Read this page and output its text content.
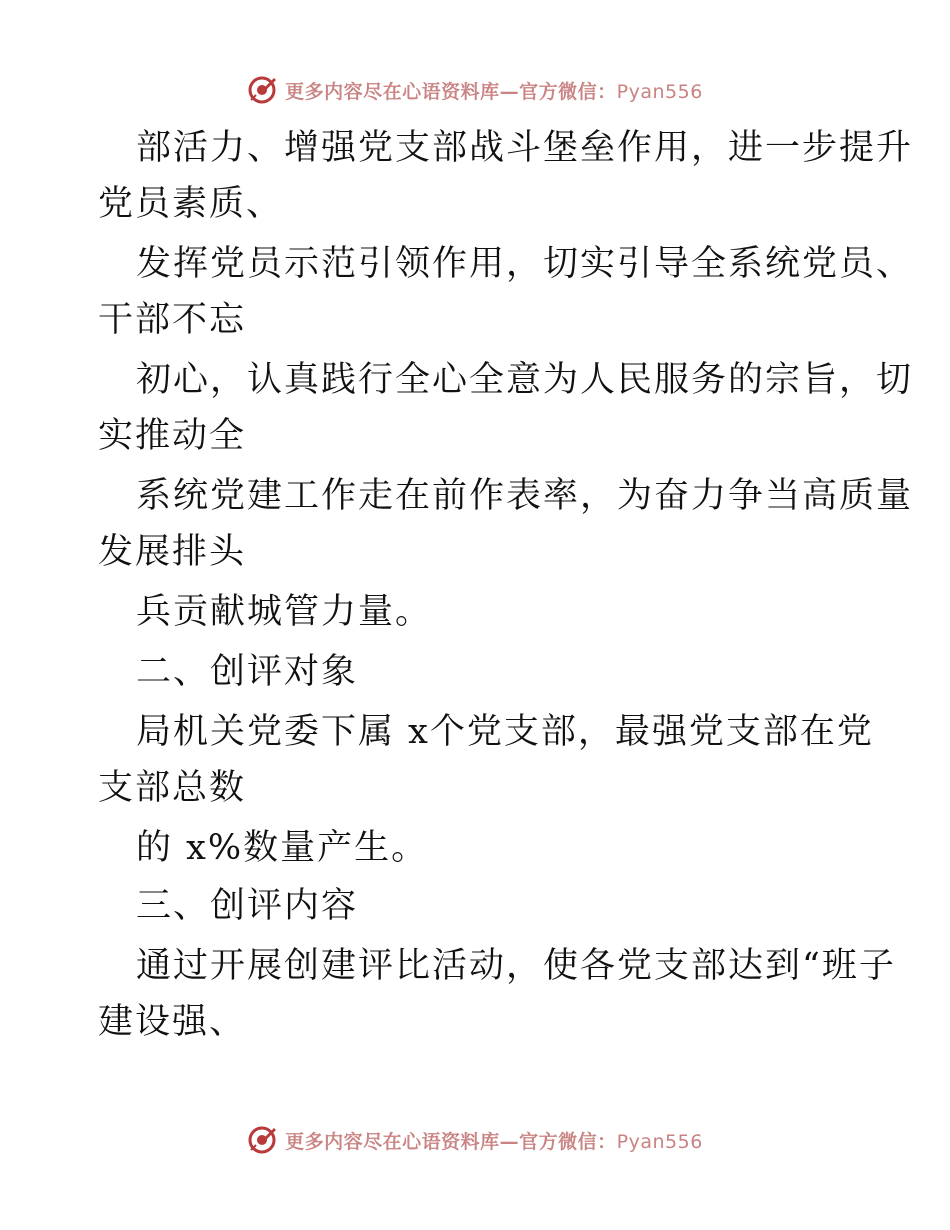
更多内容尽在心语资料库—官方微信：Pyan556
部活力、增强党支部战斗堡垒作用，进一步提升
党员素质、
发挥党员示范引领作用，切实引导全系统党员、
干部不忘
初心，认真践行全心全意为人民服务的宗旨，切
实推动全
系统党建工作走在前作表率，为奋力争当高质量
发展排头
兵贡献城管力量。
二、创评对象
局机关党委下属 x个党支部，最强党支部在党
支部总数
的 x%数量产生。
三、创评内容
通过开展创建评比活动，使各党支部达到“班子
建设强、
更多内容尽在心语资料库—官方微信：Pyan556
